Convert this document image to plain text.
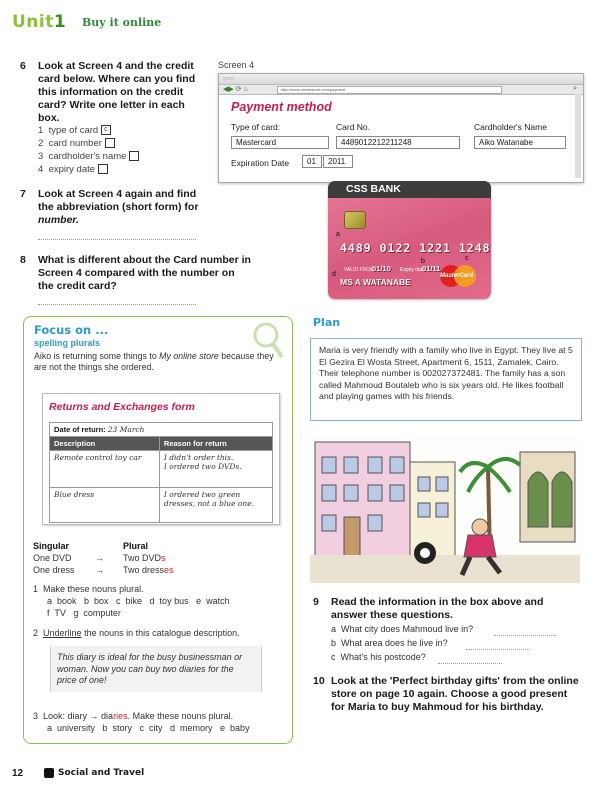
Unit1 Buy it online
6 Look at Screen 4 and the credit card below. Where can you find this information on the credit card? Write one letter in each box.
1 type of card c
2 card number
3 cardholder's name
4 expiry date
7 Look at Screen 4 again and find the abbreviation (short form) for number.
8 What is different about the Card number in Screen 4 compared with the number on the credit card?
Screen 4
○○○
◀▶ ⟳ ⌂	http://www.onlinestore.com/payment	⌕
Payment method
Type of card:
Mastercard
Card No.
4489012212211248
Cardholder's Name
Aiko Watanabe
Expiration Date	01	2011
CSS BANK
a
4489 0122 1221 1248
b	c
VALID FROM
01/10 Expiry date
01/11
d
MS A WATANABE
MasterCard
Focus on ...
spelling plurals
Aiko is returning some things to My online store because they are not the things she ordered.
Returns and Exchanges form
Date of return: 23 March	
Description	Reason for return
Remote control toy car	I didn't order this.
I ordered two DVDs.
Blue dress	I ordered two green
dresses, not a blue one.
Singular	Plural
One DVD	→ Two DVDs
One dress → Two dresses
1 Make these nouns plural.
a  book   b  box   c  bike   d  toy bus   e  watch
f  TV   g  computer
2 Underline the nouns in this catalogue description.
This diary is ideal for the busy businessman or woman. Now you can buy two diaries for the price of one!
3 Look: diary → diaries. Make these nouns plural.
a  university   b  story   c  city   d  memory   e  baby
Plan
Maria is very friendly with a family who live in Egypt. They live at 5 El Gezira El Wosta Street, Apartment 6, 1511, Zamalek, Cairo. Their telephone number is 002027372481. The family has a son called Mahmoud Boutaleb who is six years old. He likes football and playing games with his friends.
9 Read the information in the box above and answer these questions.
a What city does Mahmoud live in?
b What area does he live in?
c What's his postcode?
10 Look at the 'Perfect birthday gifts' from the online store on page 10 again. Choose a good present for Maria to buy Mahmoud for his birthday.
12	Social and Travel
